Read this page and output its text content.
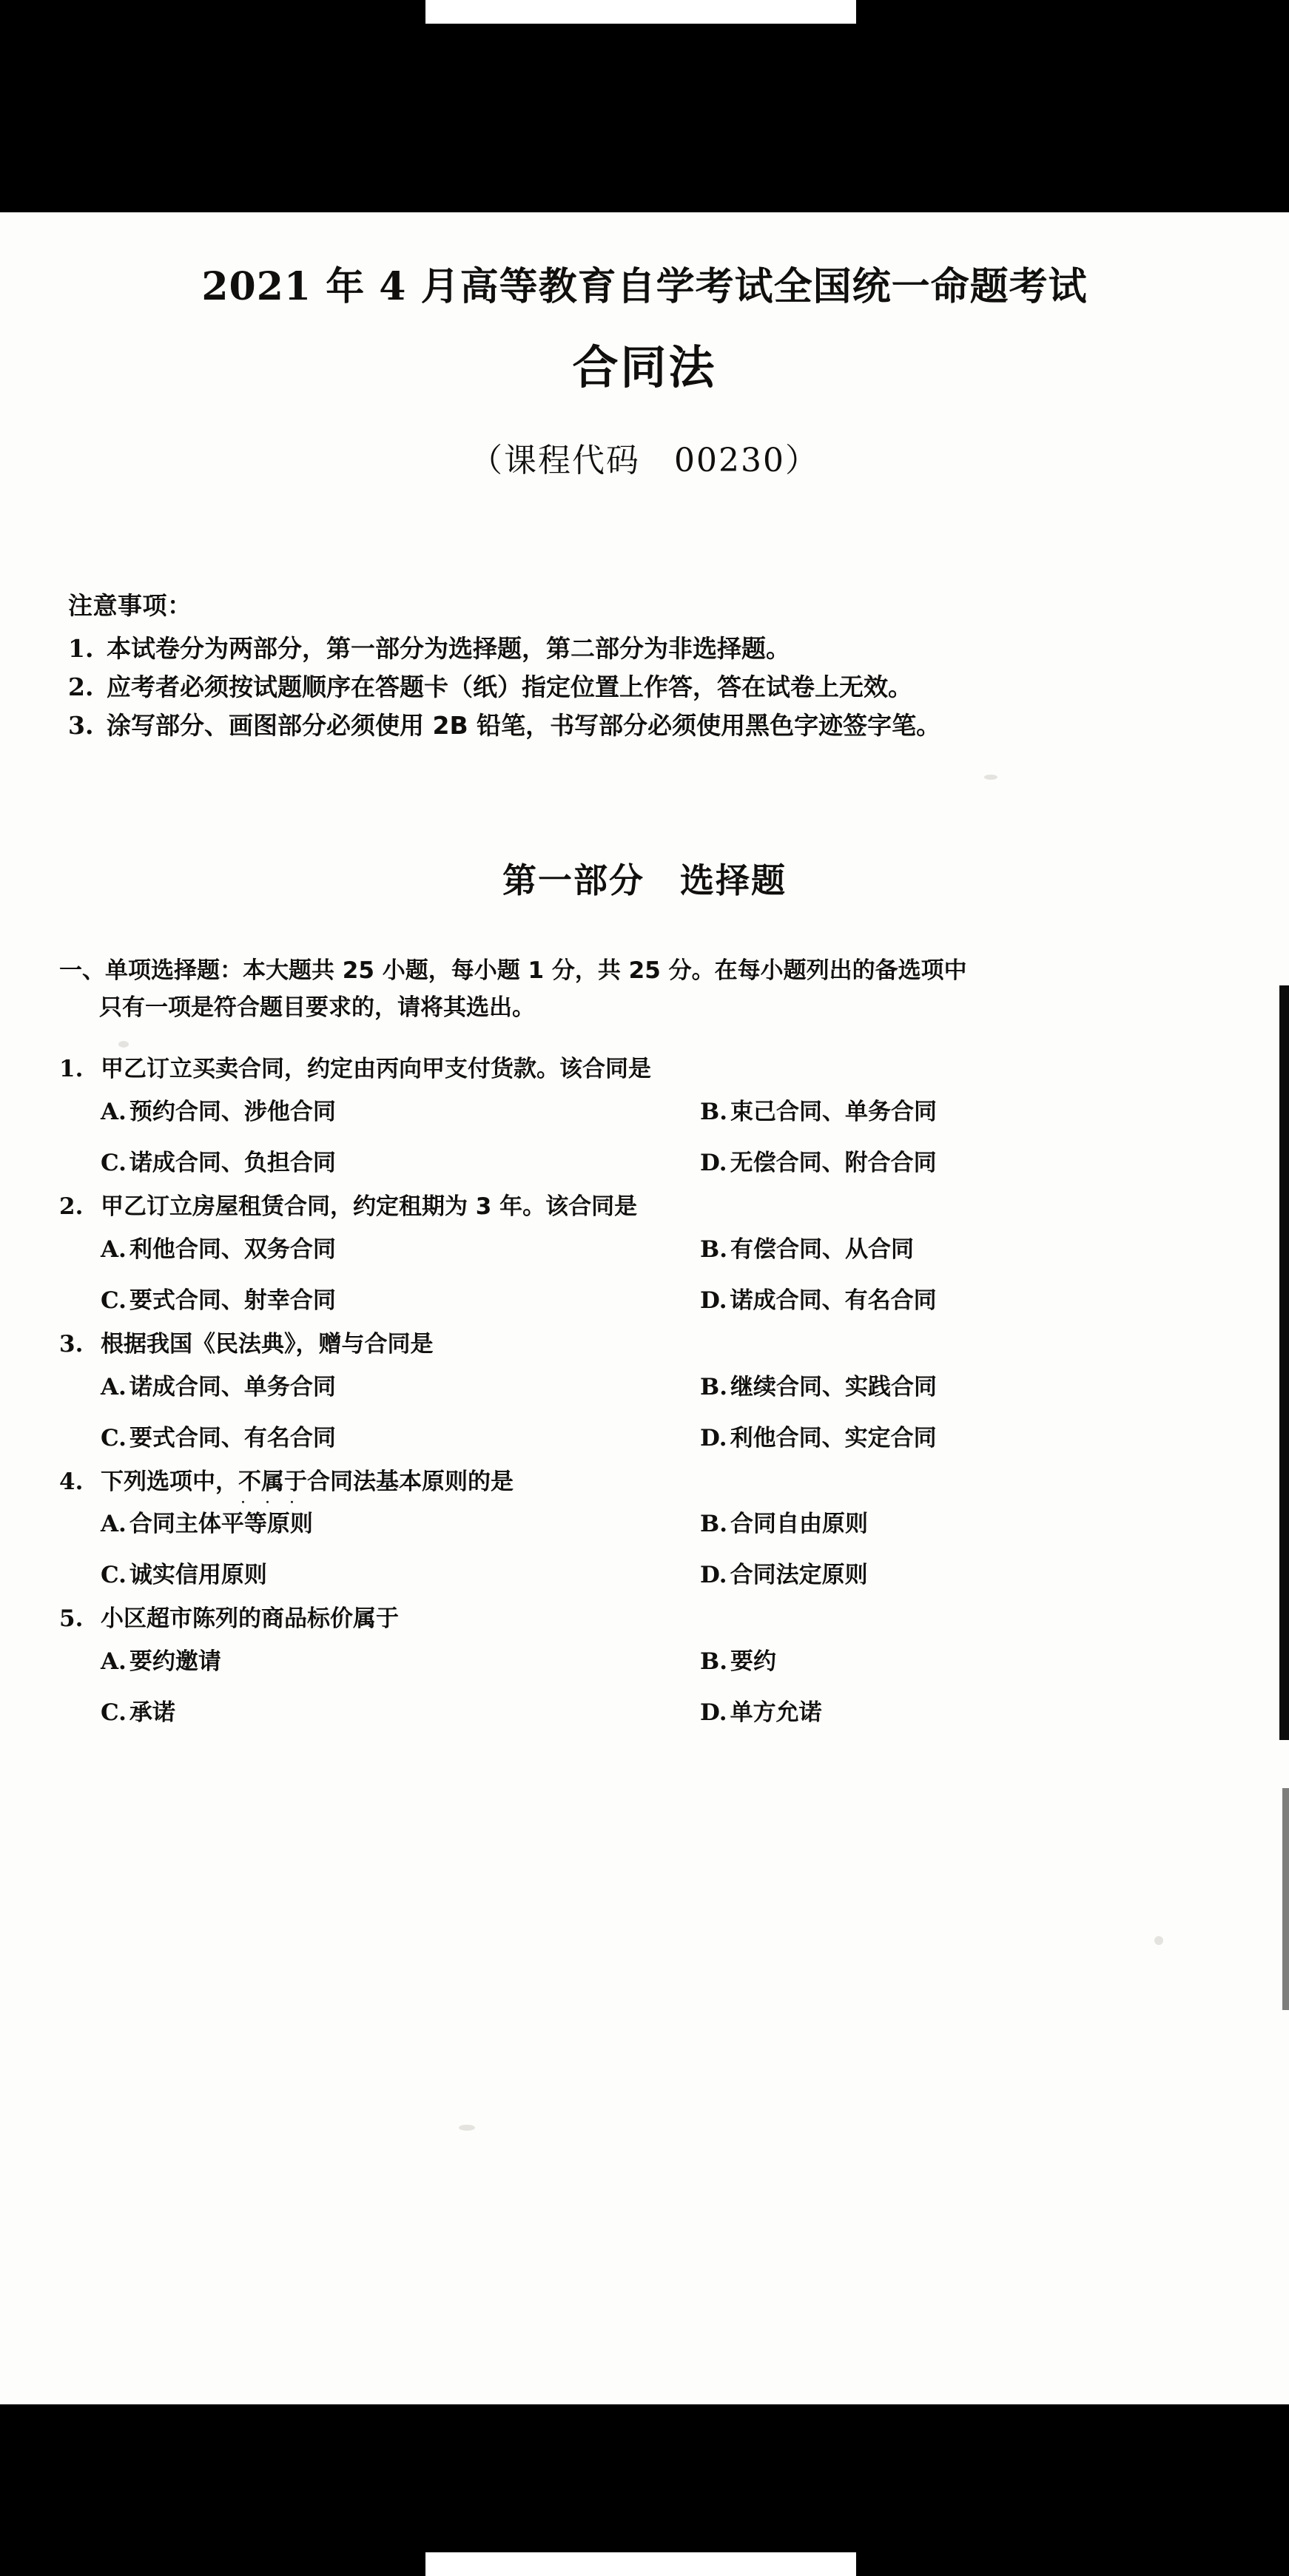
2021 年 4 月高等教育自学考试全国统一命题考试
合同法
（课程代码　00230）
注意事项：
1. 本试卷分为两部分，第一部分为选择题，第二部分为非选择题。
2. 应考者必须按试题顺序在答题卡（纸）指定位置上作答，答在试卷上无效。
3. 涂写部分、画图部分必须使用 2B 铅笔，书写部分必须使用黑色字迹签字笔。
第一部分　选择题
一、单项选择题：本大题共 25 小题，每小题 1 分，共 25 分。在每小题列出的备选项中
只有一项是符合题目要求的，请将其选出。
1. 甲乙订立买卖合同，约定由丙向甲支付货款。该合同是
A. 预约合同、涉他合同	B. 束己合同、单务合同
C. 诺成合同、负担合同	D. 无偿合同、附合合同
2. 甲乙订立房屋租赁合同，约定租期为 3 年。该合同是
A. 利他合同、双务合同	B. 有偿合同、从合同
C. 要式合同、射幸合同	D. 诺成合同、有名合同
3. 根据我国《民法典》，赠与合同是
A. 诺成合同、单务合同	B. 继续合同、实践合同
C. 要式合同、有名合同	D. 利他合同、实定合同
4. 下列选项中，不属于 ・・・合同法基本原则的是
A. 合同主体平等原则	B. 合同自由原则
C. 诚实信用原则	D. 合同法定原则
5. 小区超市陈列的商品标价属于
A. 要约邀请	B. 要约
C. 承诺	D. 单方允诺
